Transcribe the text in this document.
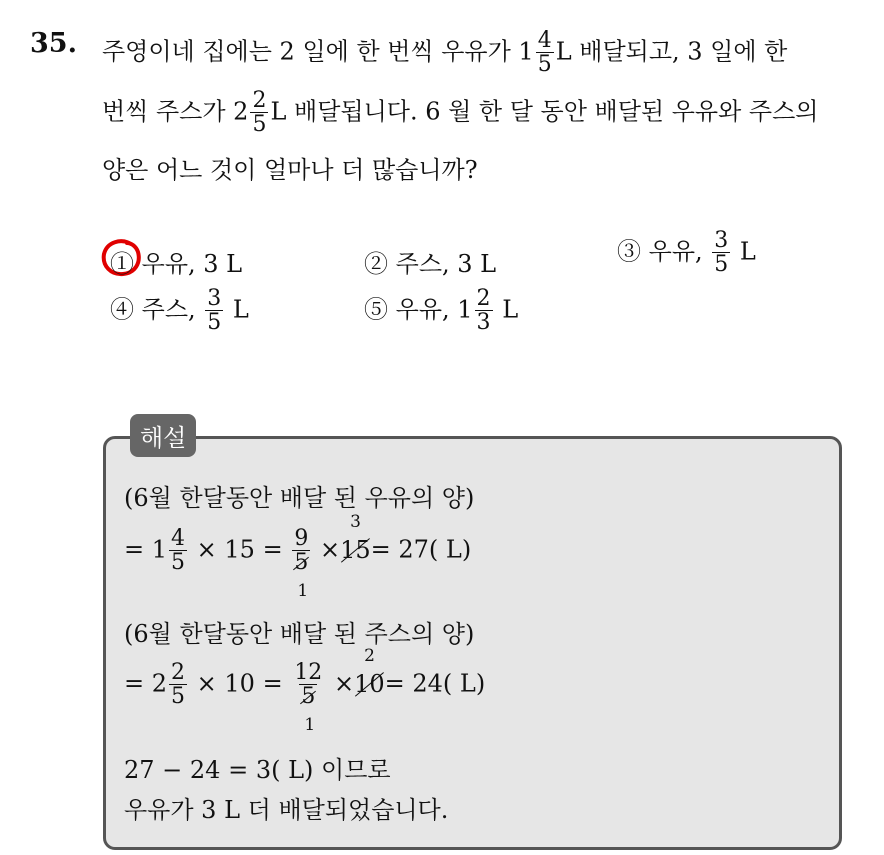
35. 주영이네 집에는 2 일에 한 번씩 우유가 $1 \frac{4}{5}$ L 배달되고, 3 일에 한
번씩 주스가 $2 \frac{2}{5}$ L 배달됩니다. 6 월 한 달 동안 배달된 우유와 주스의
양은 어느 것이 얼마나 더 많습니까?
① 우유, 3 L	② 주스, 3 L	③ 우유, $\frac{3}{5}$ L
④ 주스, $\frac{3}{5}$ L	⑤ 우유, $1 \frac{2}{3}$ L
해설
(6월 한달동안 배달 된 우유의 양)
= $1 \frac{4}{5} \times 15 = 9$
5
1 ×15
3
= 27( L)
(6월 한달동안 배달 된 주스의 양)
= $2 \frac{2}{5} \times 10 = 12$
5
1 ×10
2
= 24( L)
27 − 24 = 3( L) 이므로
우유가 3 L 더 배달되었습니다.
